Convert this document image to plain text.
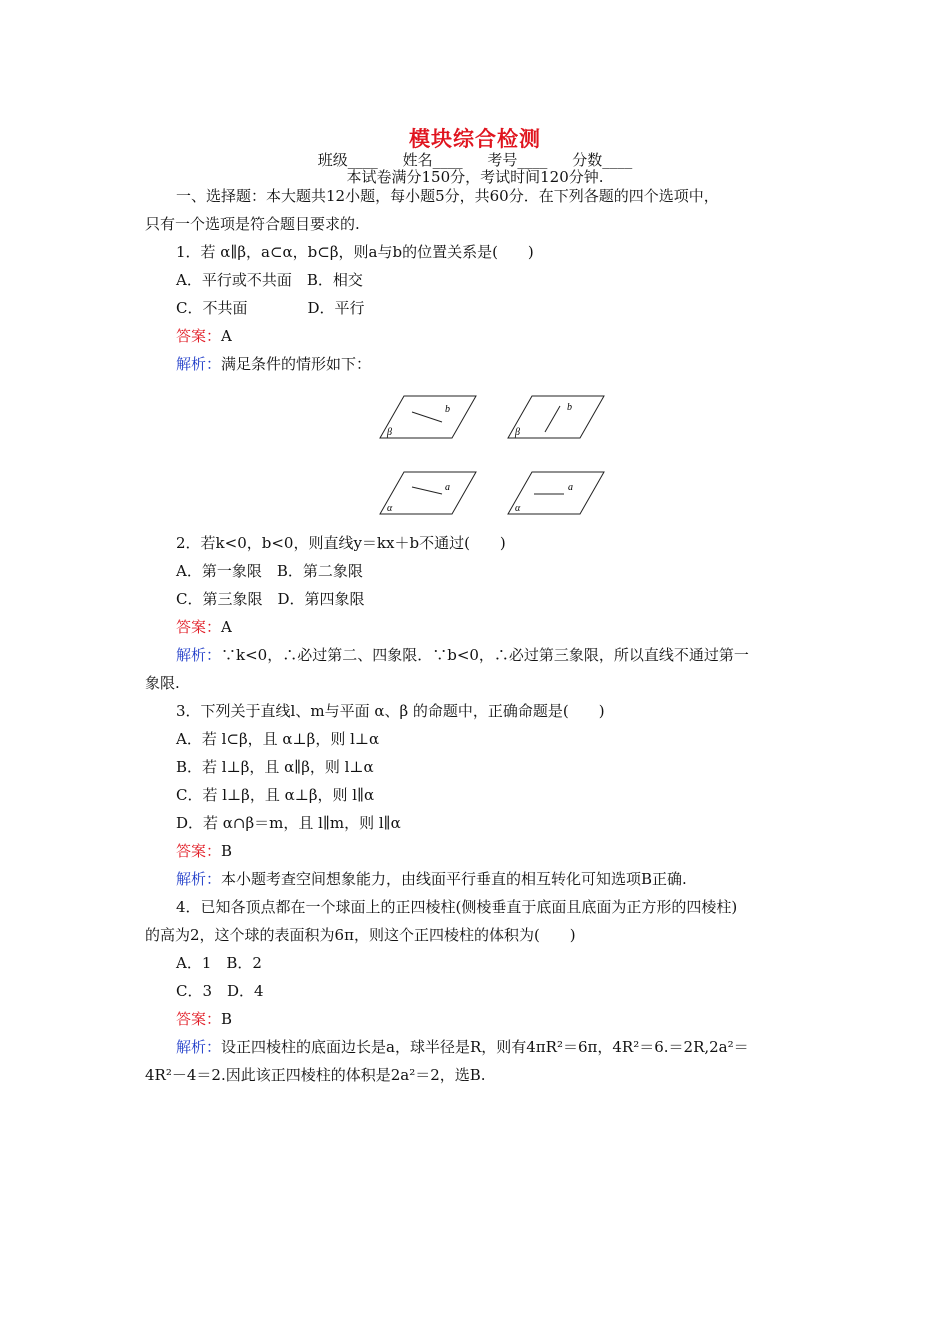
模块综合检测
班级____ 姓名____ 考号____ 分数____
本试卷满分150分，考试时间120分钟.
一、选择题：本大题共12小题，每小题5分，共60分．在下列各题的四个选项中，
只有一个选项是符合题目要求的.
1．若 α∥β，a⊂α，b⊂β，则a与b的位置关系是(　　)
A．平行或不共面　B．相交
C．不共面　　　　D．平行
答案：A
解析：满足条件的情形如下：
b
β
b
β
a
α
a
α
2．若k<0，b<0，则直线y＝kx＋b不通过(　　)
A．第一象限　B．第二象限
C．第三象限　D．第四象限
答案：A
解析：∵k<0，∴必过第二、四象限．∵b<0，∴必过第三象限，所以直线不通过第一
象限.
3．下列关于直线l、m与平面 α、β 的命题中，正确命题是(　　)
A．若 l⊂β，且 α⊥β，则 l⊥α
B．若 l⊥β，且 α∥β，则 l⊥α
C．若 l⊥β，且 α⊥β，则 l∥α
D．若 α∩β＝m，且 l∥m，则 l∥α
答案：B
解析：本小题考查空间想象能力，由线面平行垂直的相互转化可知选项B正确.
4．已知各顶点都在一个球面上的正四棱柱(侧棱垂直于底面且底面为正方形的四棱柱)
的高为2，这个球的表面积为6π，则这个正四棱柱的体积为(　　)
A．1　B．2
C．3　D．4
答案：B
解析：设正四棱柱的底面边长是a，球半径是R，则有4πR²＝6π，4R²＝6.＝2R,2a²＝
4R²－4＝2.因此该正四棱柱的体积是2a²＝2，选B.
